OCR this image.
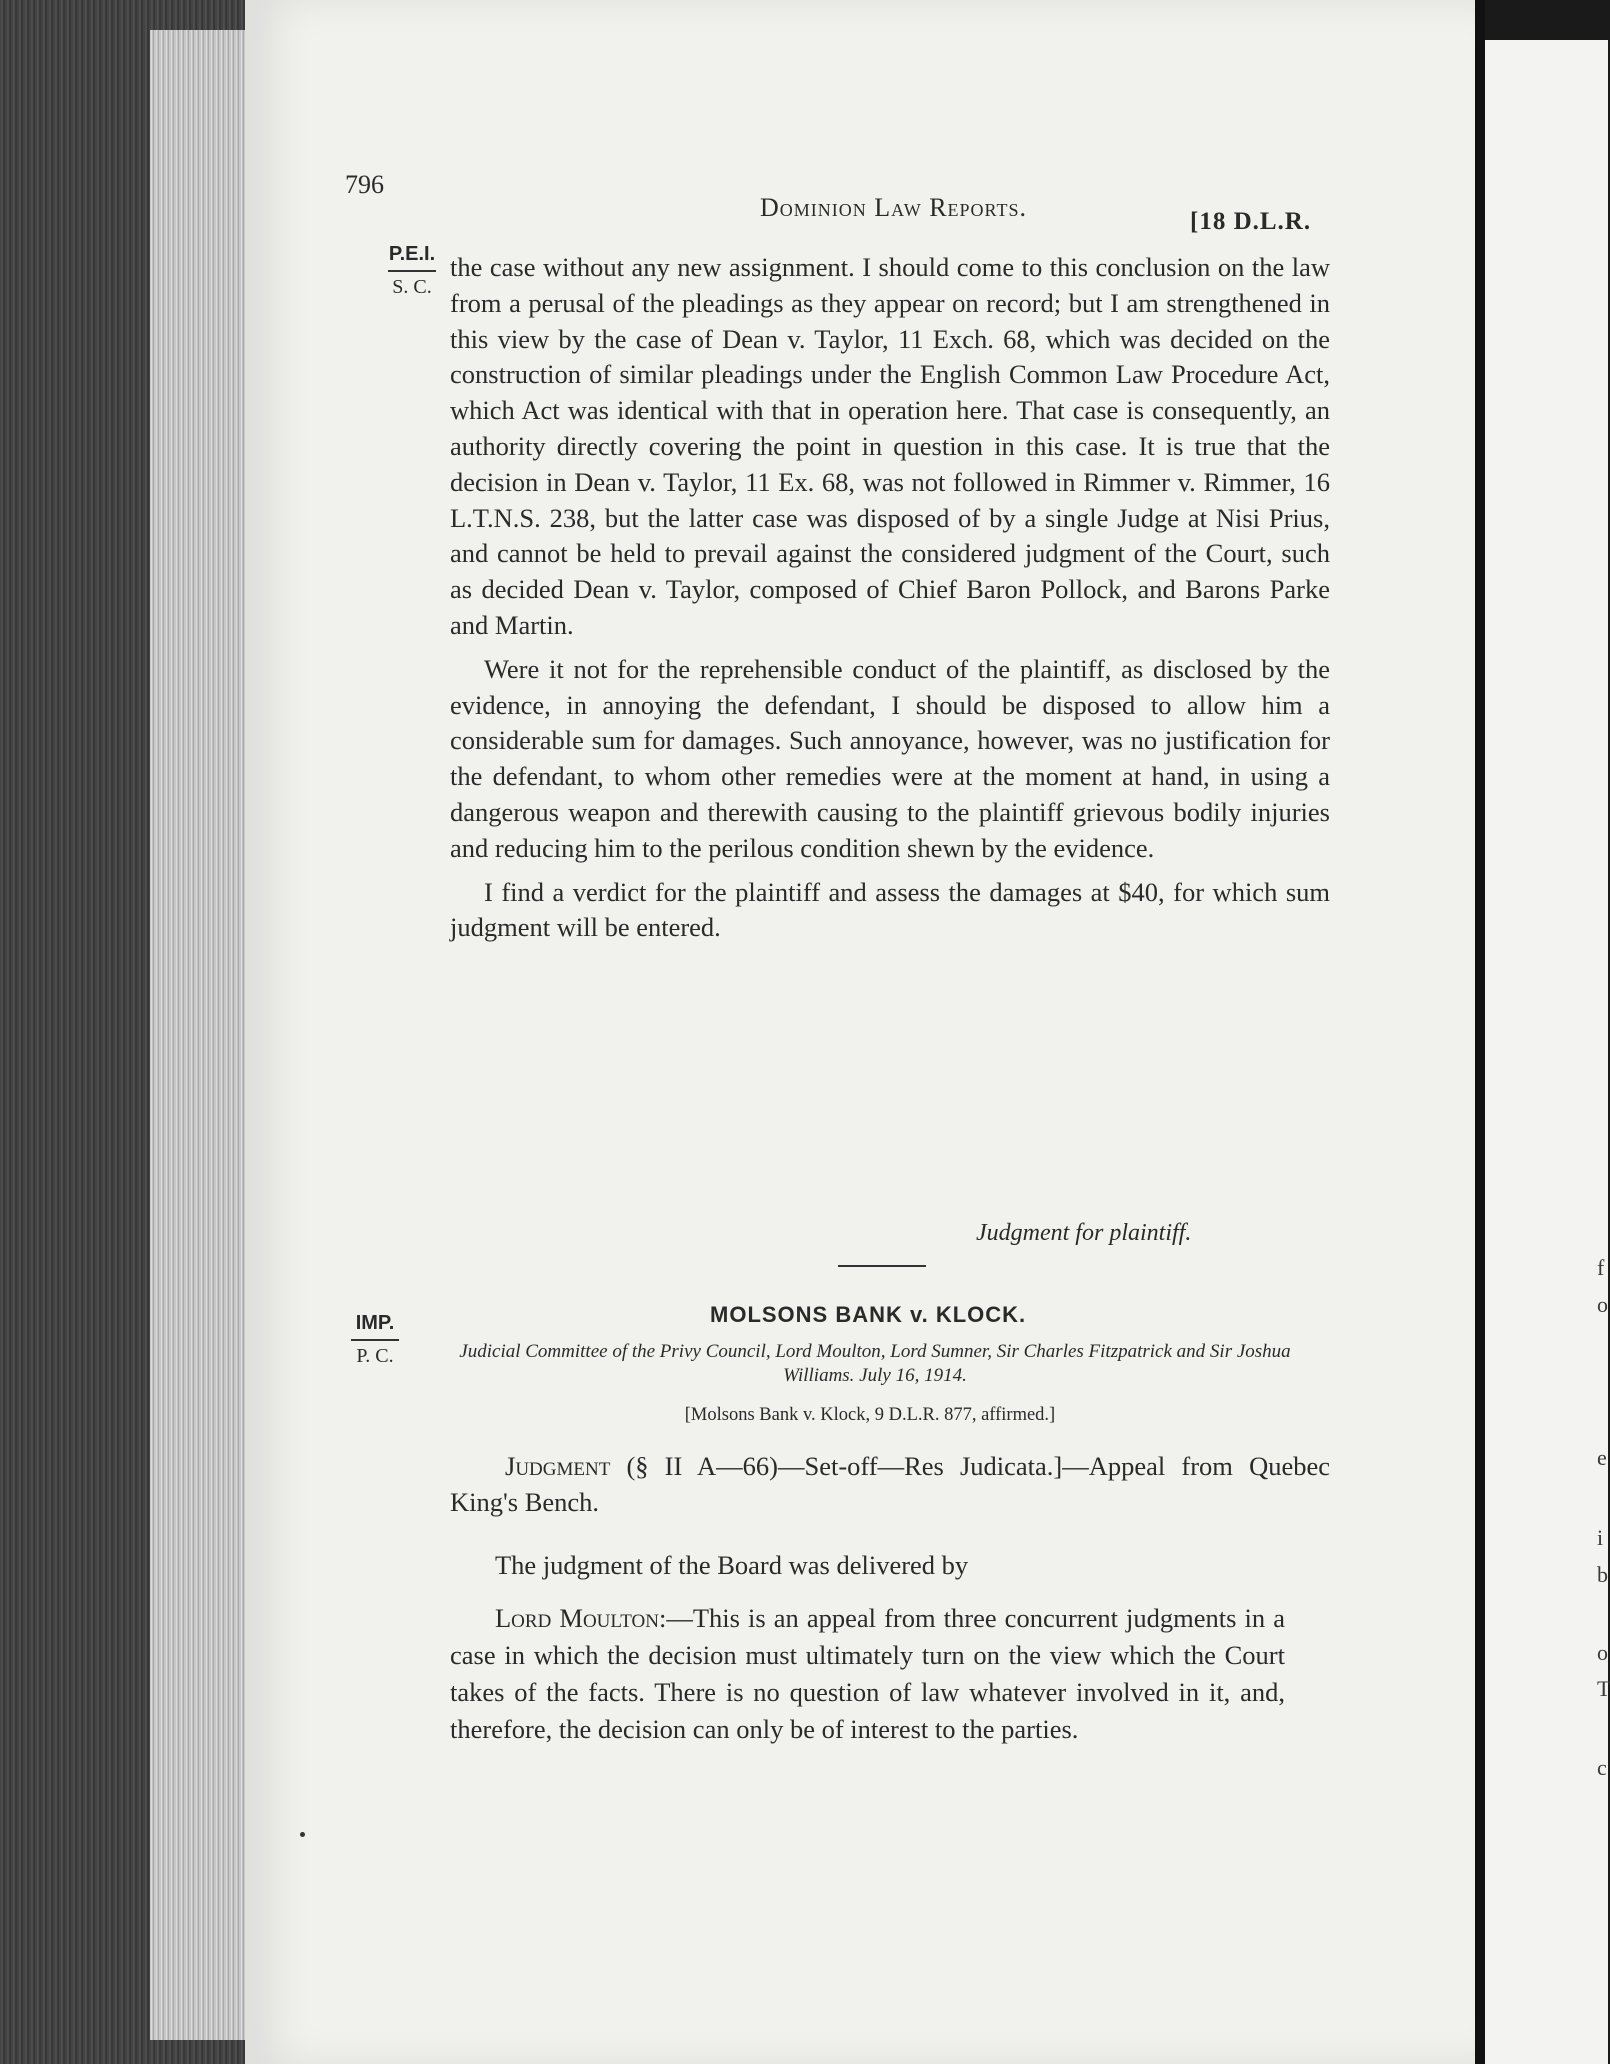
f
o
e
i
b
o
T
c
796
Dominion Law Reports.	[18 D.L.R.
P.E.I.
S. C.

the case without any new assignment. I should come to this conclusion on the law from a perusal of the pleadings as they appear on record; but I am strengthened in this view by the case of Dean v. Taylor, 11 Exch. 68, which was decided on the construction of similar pleadings under the English Common Law Procedure Act, which Act was identical with that in operation here. That case is consequently, an authority directly covering the point in question in this case. It is true that the decision in Dean v. Taylor, 11 Ex. 68, was not followed in Rimmer v. Rimmer, 16 L.T.N.S. 238, but the latter case was disposed of by a single Judge at Nisi Prius, and cannot be held to prevail against the considered judgment of the Court, such as decided Dean v. Taylor, composed of Chief Baron Pollock, and Barons Parke and Martin.

Were it not for the reprehensible conduct of the plaintiff, as disclosed by the evidence, in annoying the defendant, I should be disposed to allow him a considerable sum for damages. Such annoyance, however, was no justification for the defendant, to whom other remedies were at the moment at hand, in using a dangerous weapon and therewith causing to the plaintiff grievous bodily injuries and reducing him to the perilous condition shewn by the evidence.

I find a verdict for the plaintiff and assess the damages at $40, for which sum judgment will be entered.

Judgment for plaintiff.
IMP.
P. C.
MOLSONS BANK v. KLOCK.
Judicial Committee of the Privy Council, Lord Moulton, Lord Sumner, Sir Charles Fitzpatrick and Sir Joshua Williams. July 16, 1914.
[Molsons Bank v. Klock, 9 D.L.R. 877, affirmed.]
Judgment (§ II A—66)—Set-off—Res Judicata.]—Appeal from Quebec King's Bench.
The judgment of the Board was delivered by
Lord Moulton:—This is an appeal from three concurrent judgments in a case in which the decision must ultimately turn on the view which the Court takes of the facts. There is no question of law whatever involved in it, and, therefore, the decision can only be of interest to the parties.
